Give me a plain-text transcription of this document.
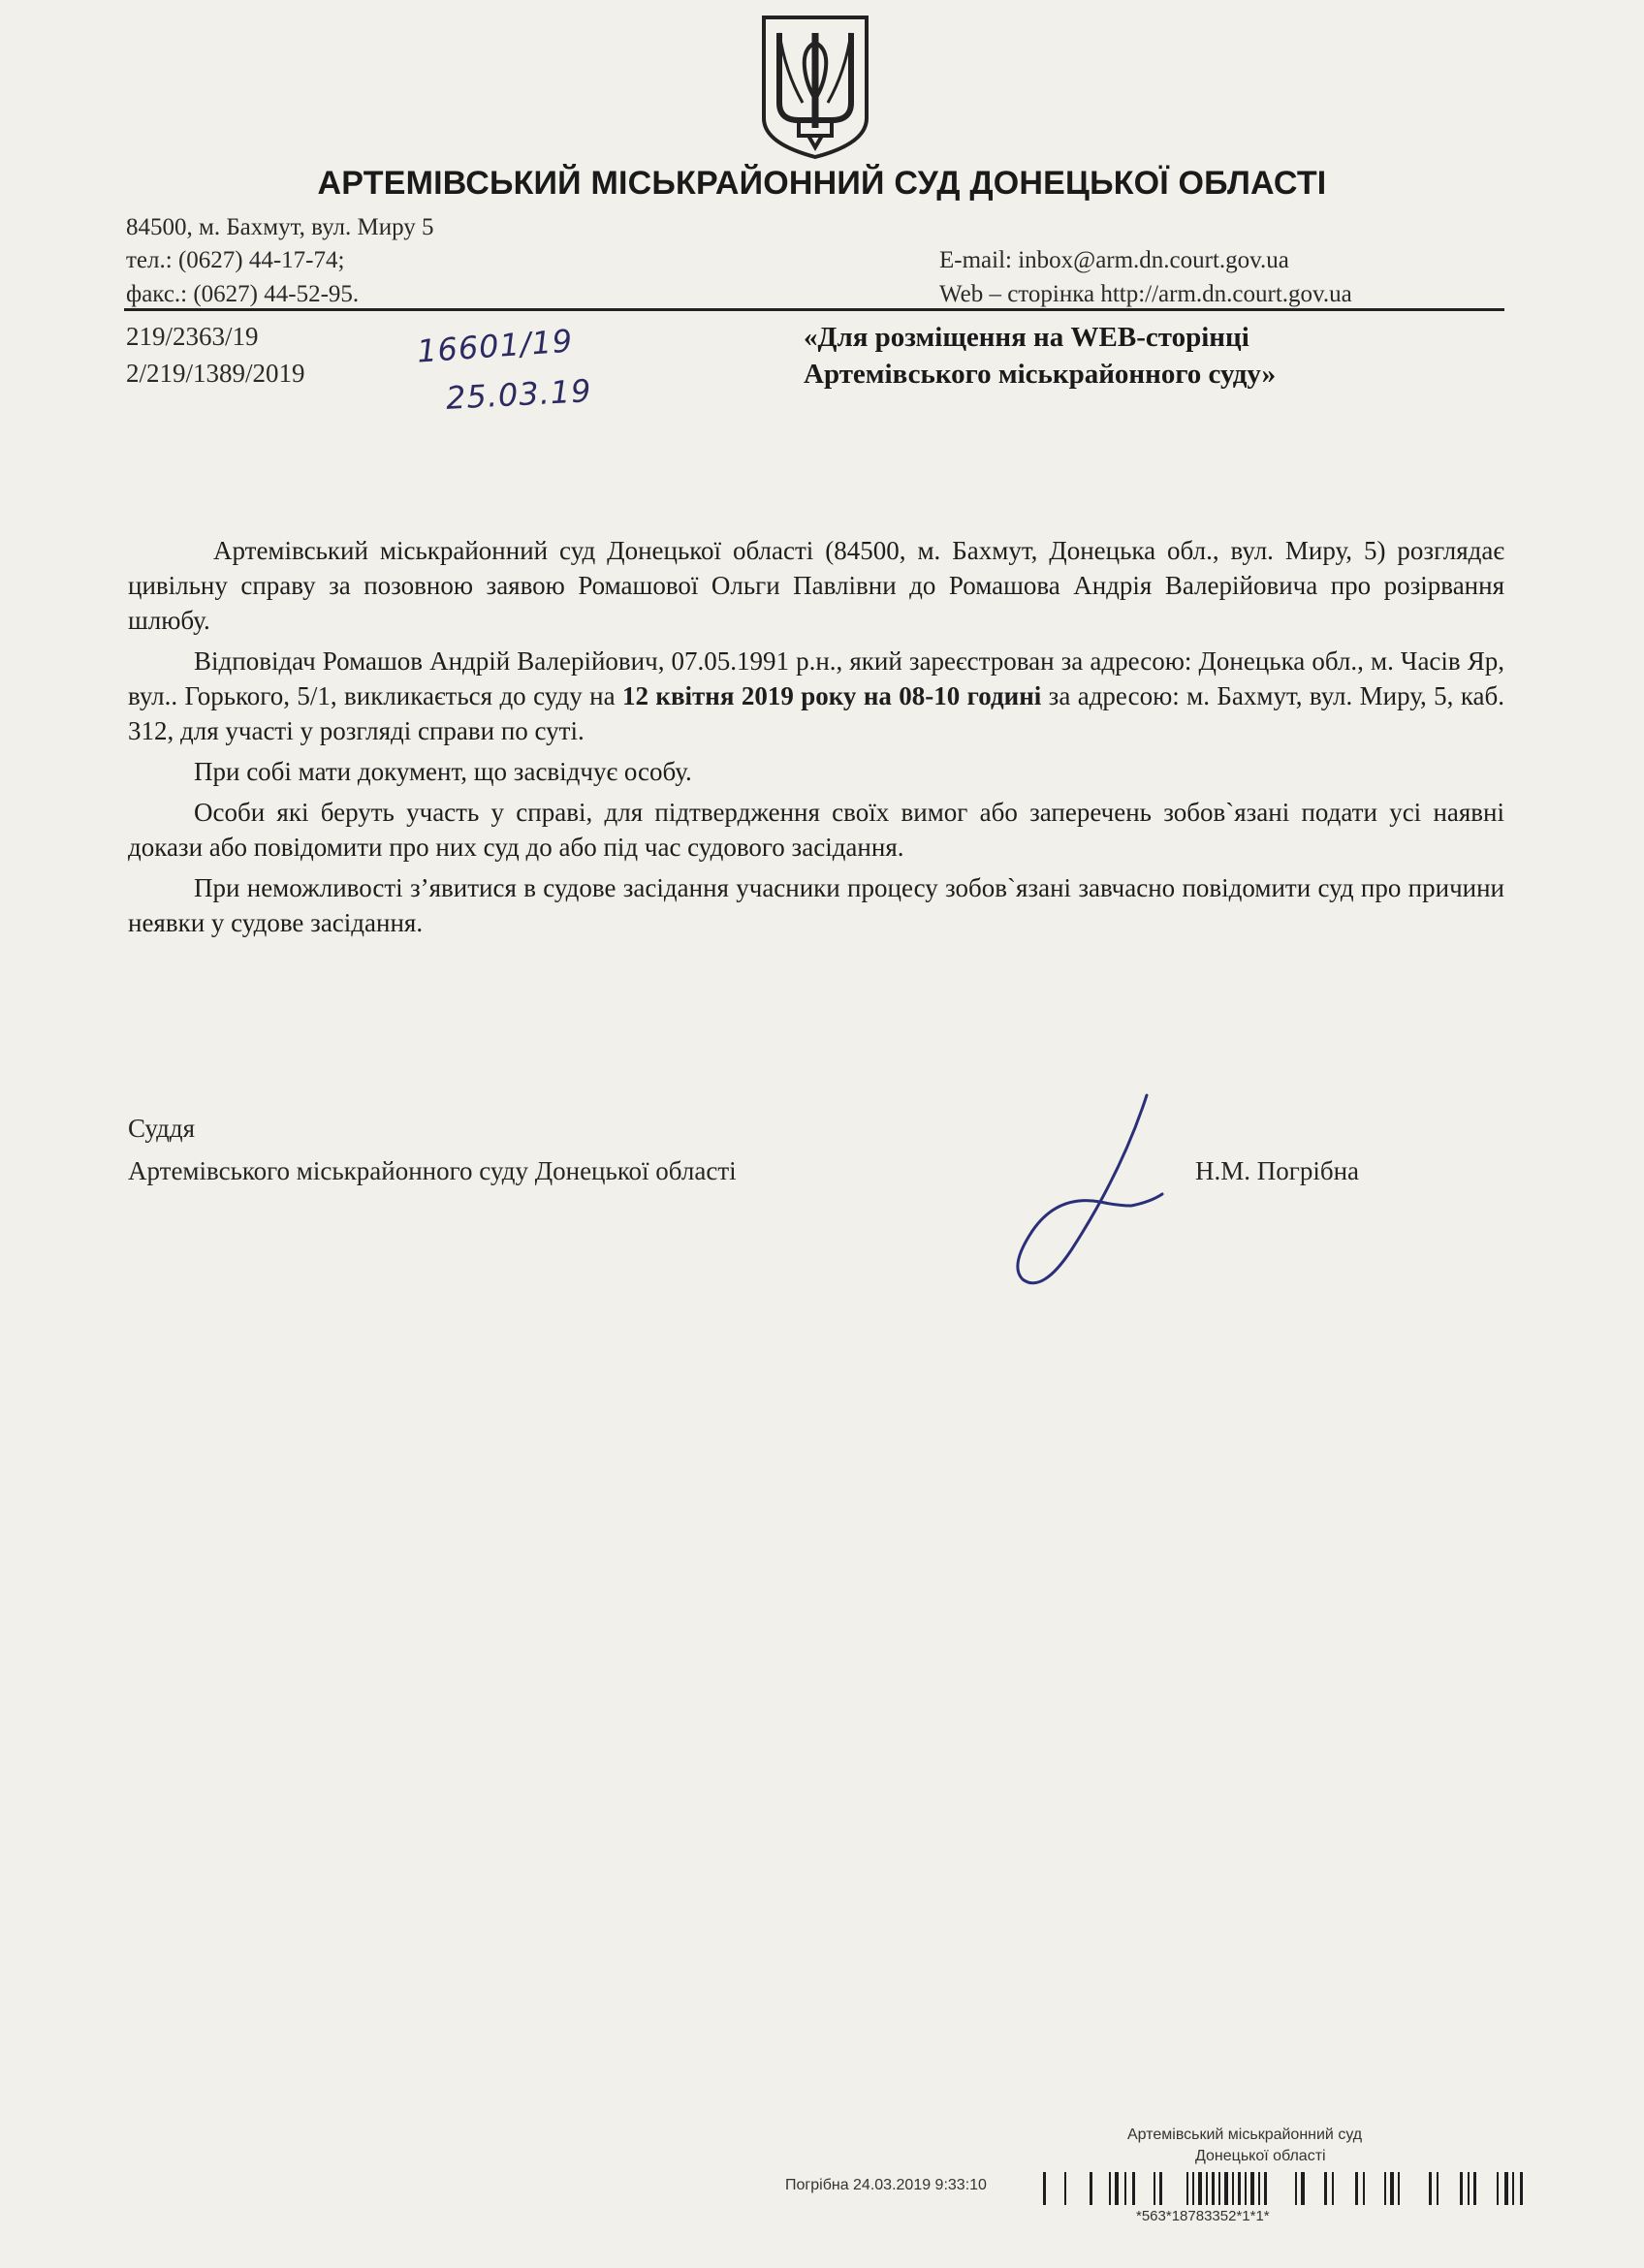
АРТЕМІВСЬКИЙ МІСЬКРАЙОННИЙ СУД ДОНЕЦЬКОЇ ОБЛАСТІ
84500, м. Бахмут, вул. Миру 5
тел.: (0627) 44-17-74;
факс.: (0627) 44-52-95.
E-mail: inbox@arm.dn.court.gov.ua
Web – сторінка http://arm.dn.court.gov.ua
219/2363/19
2/219/1389/2019
16601/19
25.03.19
«Для розміщення на WEB-сторінці
Артемівського міськрайонного суду»

Артемівський міськрайонний суд Донецької області (84500, м. Бахмут, Донецька обл., вул. Миру, 5) розглядає цивільну справу за позовною заявою Ромашової Ольги Павлівни до Ромашова Андрія Валерійовича про розірвання шлюбу.

Відповідач Ромашов Андрій Валерійович, 07.05.1991 р.н., який зареєстрован за адресою: Донецька обл., м. Часів Яр, вул.. Горького, 5/1, викликається до суду на 12 квітня 2019 року на 08-10 годині за адресою: м. Бахмут, вул. Миру, 5, каб. 312, для участі у розгляді справи по суті.

При собі мати документ, що засвідчує особу.

Особи які беруть участь у справі, для підтвердження своїх вимог або заперечень зобов`язані подати усі наявні докази або повідомити про них суд до або під час судового засідання.

При неможливості з’явитися в судове засідання учасники процесу зобов`язані завчасно повідомити суд про причини неявки у судове засідання.

Суддя
Артемівського міськрайонного суду Донецької області	Н.М. Погрібна
Артемівський міськрайонний суд
Донецької області
Погрібна 24.03.2019 9:33:10
*563*18783352*1*1*
